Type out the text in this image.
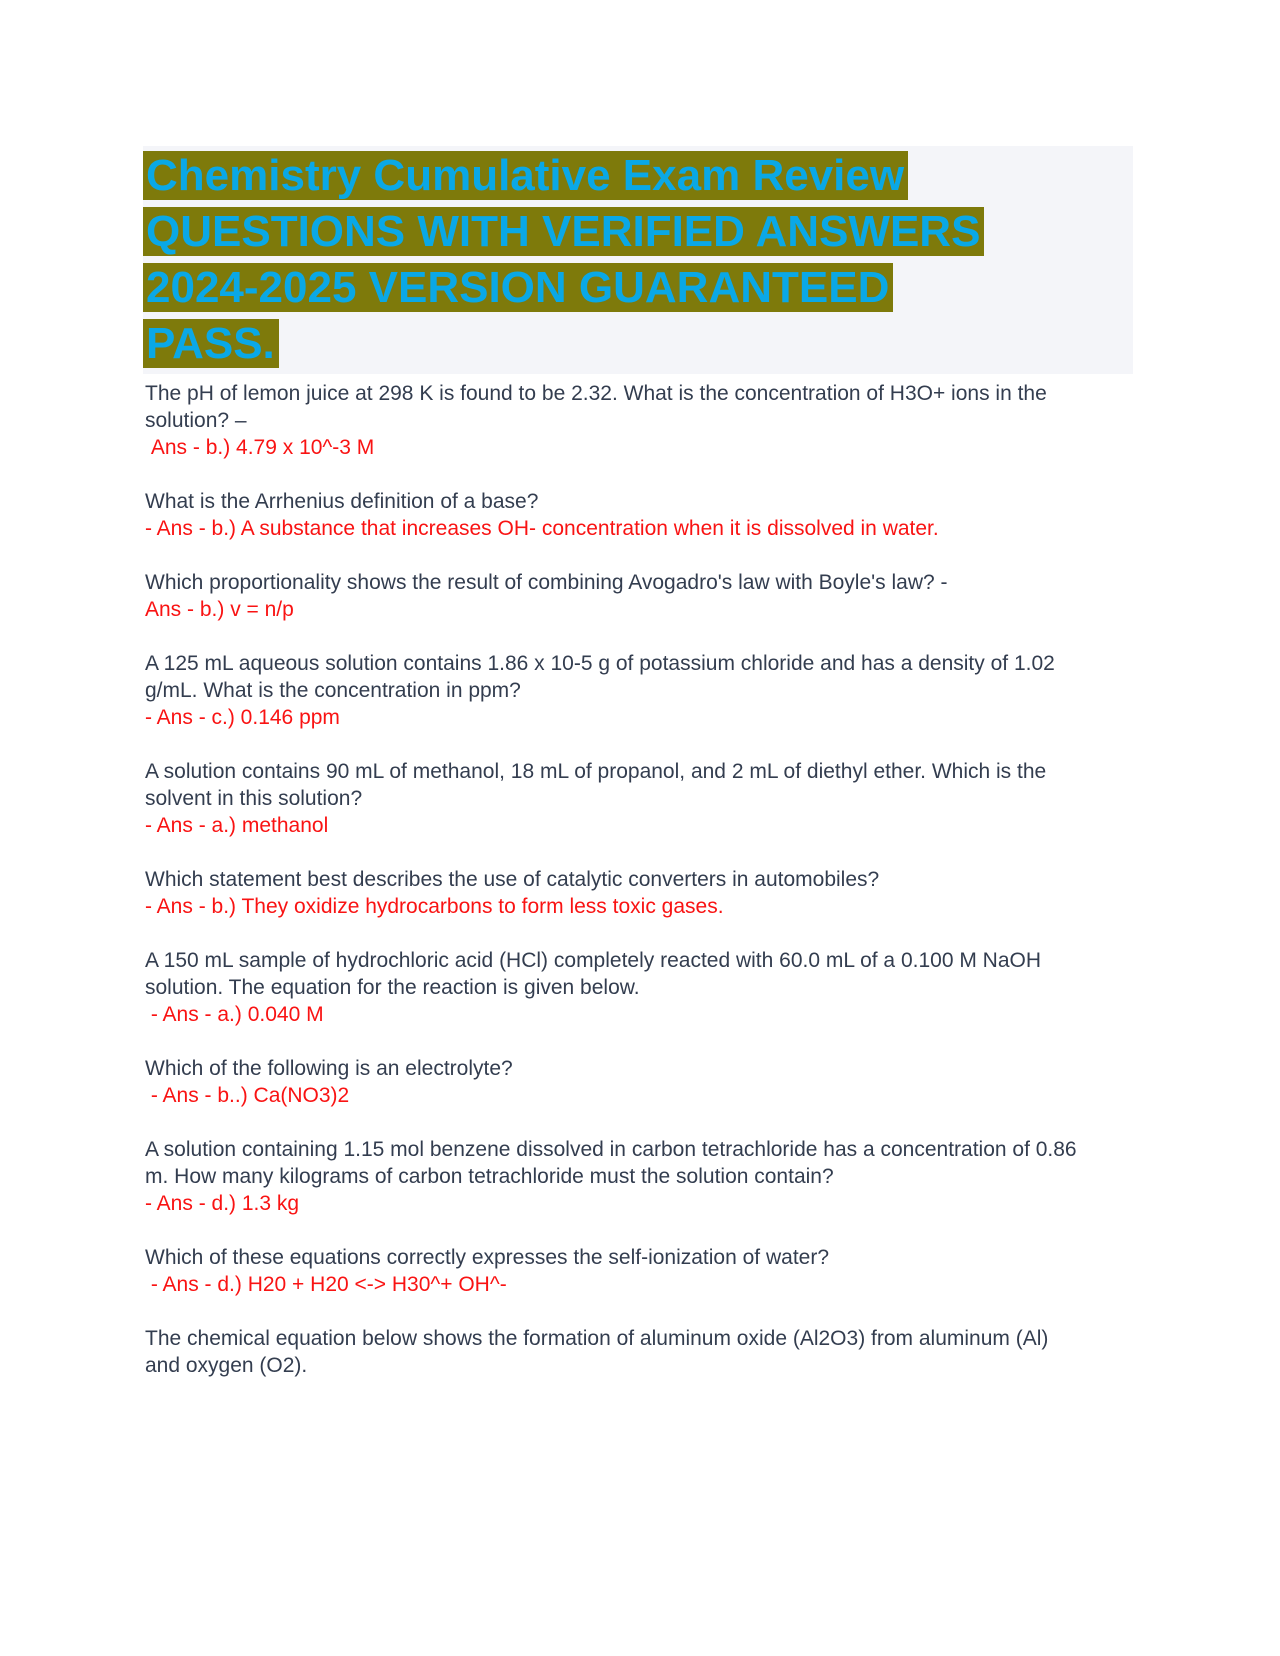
Chemistry Cumulative Exam Review
QUESTIONS WITH VERIFIED ANSWERS
2024-2025 VERSION GUARANTEED
PASS.

The pH of lemon juice at 298 K is found to be 2.32. What is the concentration of H3O+ ions in the solution? –
Ans - b.) 4.79 x 10^-3 M

What is the Arrhenius definition of a base?
- Ans - b.) A substance that increases OH- concentration when it is dissolved in water.

Which proportionality shows the result of combining Avogadro's law with Boyle's law? -
Ans - b.) v = n/p

A 125 mL aqueous solution contains 1.86 x 10-5 g of potassium chloride and has a density of 1.02 g/mL. What is the concentration in ppm?
- Ans - c.) 0.146 ppm

A solution contains 90 mL of methanol, 18 mL of propanol, and 2 mL of diethyl ether. Which is the solvent in this solution?
- Ans - a.) methanol

Which statement best describes the use of catalytic converters in automobiles?
- Ans - b.) They oxidize hydrocarbons to form less toxic gases.

A 150 mL sample of hydrochloric acid (HCl) completely reacted with 60.0 mL of a 0.100 M NaOH solution. The equation for the reaction is given below.
- Ans - a.) 0.040 M

Which of the following is an electrolyte?
- Ans - b..) Ca(NO3)2

A solution containing 1.15 mol benzene dissolved in carbon tetrachloride has a concentration of 0.86 m. How many kilograms of carbon tetrachloride must the solution contain?
- Ans - d.) 1.3 kg

Which of these equations correctly expresses the self-ionization of water?
- Ans - d.) H20 + H20 <-> H30^+ OH^-

The chemical equation below shows the formation of aluminum oxide (Al2O3) from aluminum (Al) and oxygen (O2).
